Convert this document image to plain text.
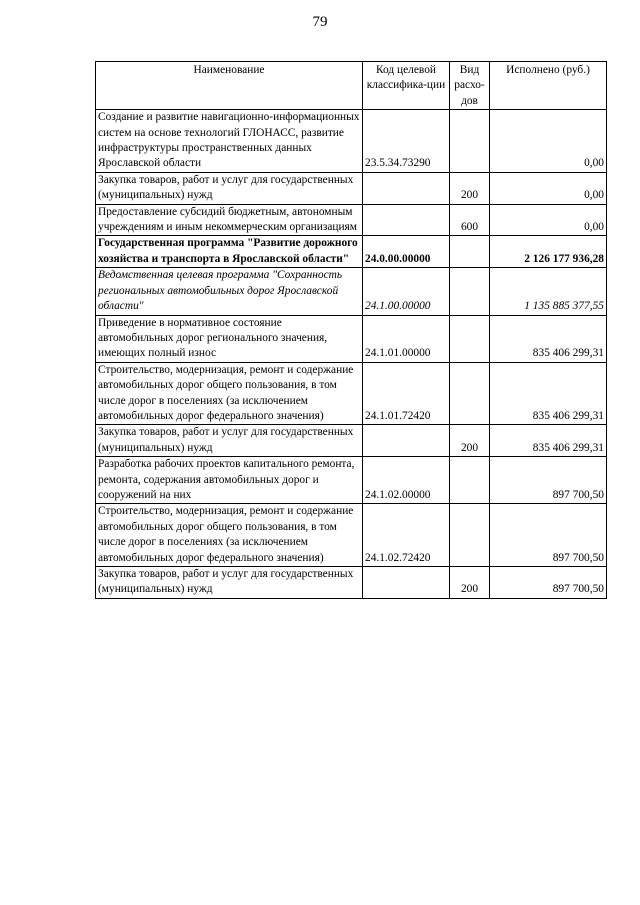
79
Наименование	Код целевой классифика-ции	Вид расхо-дов	Исполнено (руб.)
Создание и развитие навигационно-информационных систем на основе технологий ГЛОНАСС, развитие инфраструктуры пространственных данных Ярославской области	23.5.34.73290		0,00
Закупка товаров, работ и услуг для государственных (муниципальных) нужд		200	0,00
Предоставление субсидий бюджетным, автономным учреждениям и иным некоммерческим организациям		600	0,00
Государственная программа "Развитие дорожного хозяйства и транспорта в Ярославской области"	24.0.00.00000		2 126 177 936,28
Ведомственная целевая программа "Сохранность региональных автомобильных дорог Ярославской области"	24.1.00.00000		1 135 885 377,55
Приведение в нормативное состояние автомобильных дорог регионального значения, имеющих полный износ	24.1.01.00000		835 406 299,31
Строительство, модернизация, ремонт и содержание автомобильных дорог общего пользования, в том числе дорог в поселениях (за исключением автомобильных дорог федерального значения)	24.1.01.72420		835 406 299,31
Закупка товаров, работ и услуг для государственных (муниципальных) нужд		200	835 406 299,31
Разработка рабочих проектов капитального ремонта, ремонта, содержания автомобильных дорог и сооружений на них	24.1.02.00000		897 700,50
Строительство, модернизация, ремонт и содержание автомобильных дорог общего пользования, в том числе дорог в поселениях (за исключением автомобильных дорог федерального значения)	24.1.02.72420		897 700,50
Закупка товаров, работ и услуг для государственных (муниципальных) нужд		200	897 700,50
